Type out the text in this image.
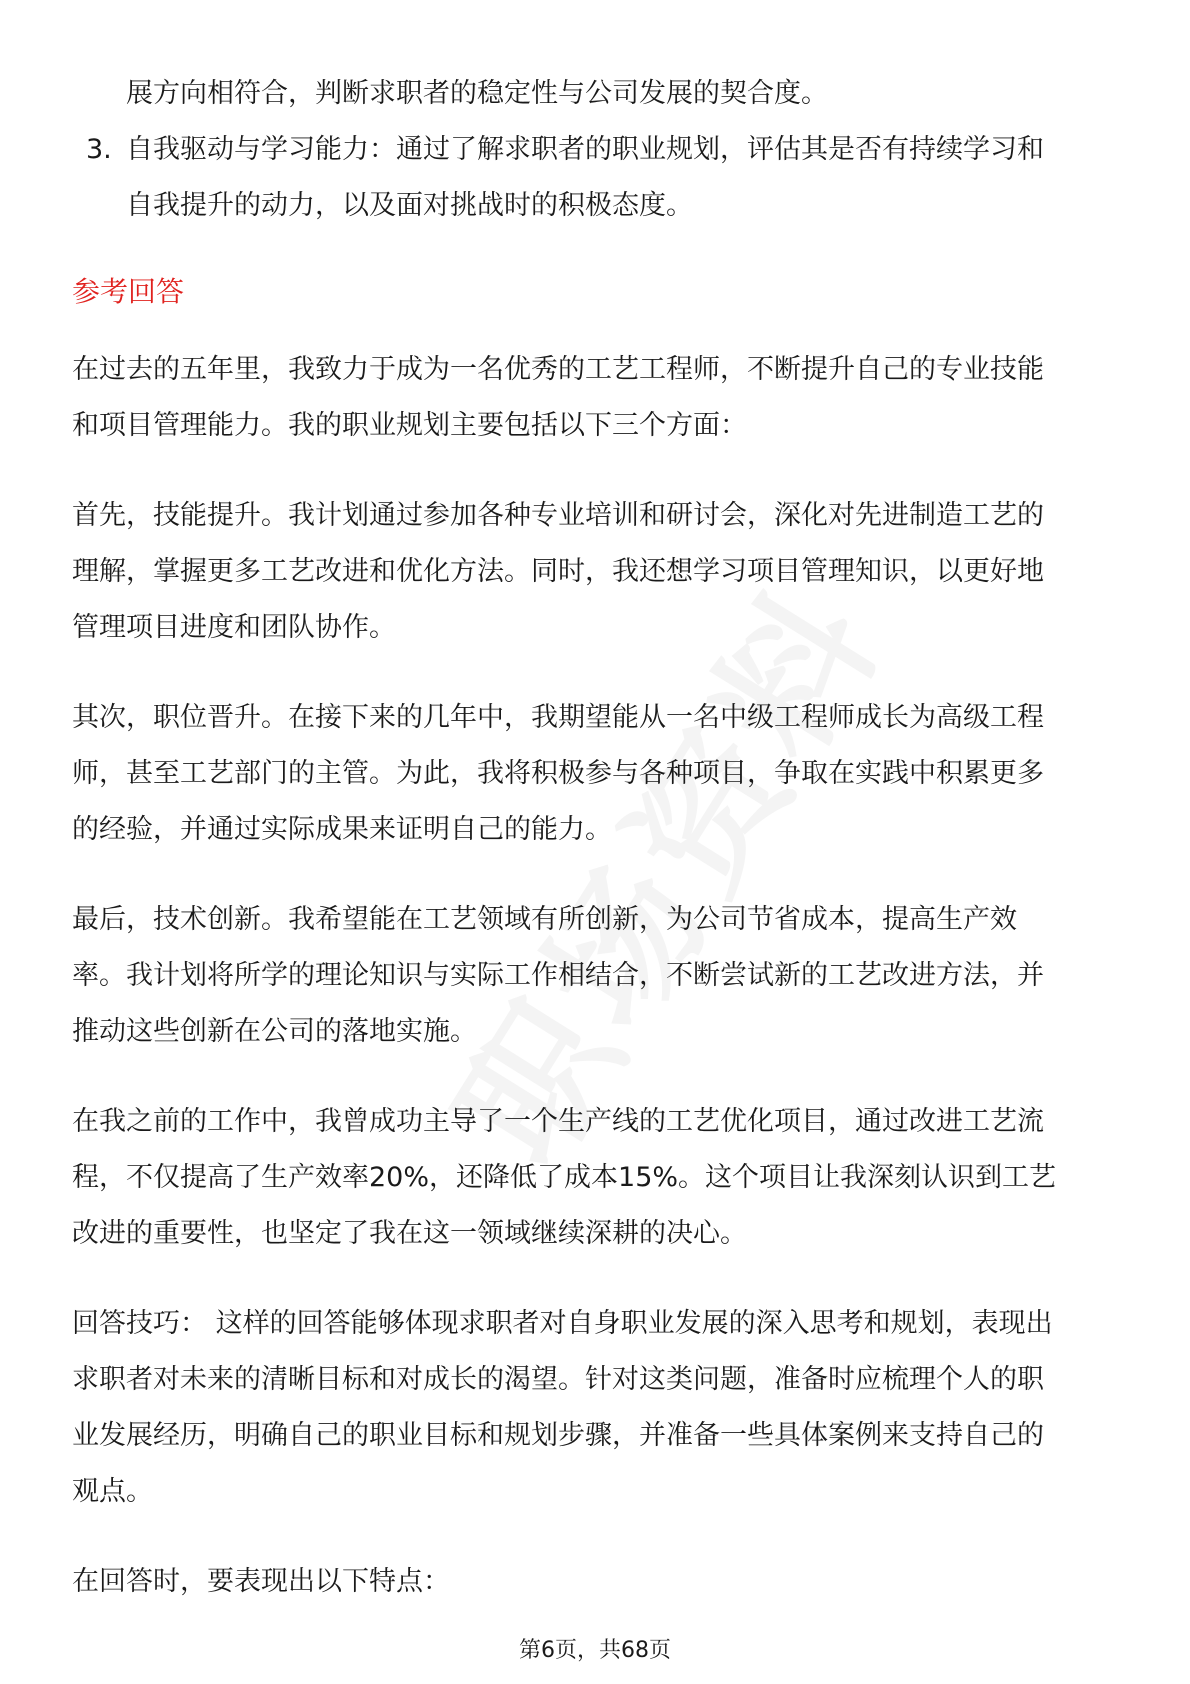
展方向相符合，判断求职者的稳定性与公司发展的契合度。
3. 自我驱动与学习能力：通过了解求职者的职业规划，评估其是否有持续学习和
自我提升的动力，以及面对挑战时的积极态度。
参考回答
在过去的五年里，我致力于成为一名优秀的工艺工程师，不断提升自己的专业技能
和项目管理能力。我的职业规划主要包括以下三个方面：
首先，技能提升。我计划通过参加各种专业培训和研讨会，深化对先进制造工艺的
理解，掌握更多工艺改进和优化方法。同时，我还想学习项目管理知识，以更好地
管理项目进度和团队协作。
其次，职位晋升。在接下来的几年中，我期望能从一名中级工程师成长为高级工程
师，甚至工艺部门的主管。为此，我将积极参与各种项目，争取在实践中积累更多
的经验，并通过实际成果来证明自己的能力。
最后，技术创新。我希望能在工艺领域有所创新，为公司节省成本，提高生产效
率。我计划将所学的理论知识与实际工作相结合，不断尝试新的工艺改进方法，并
推动这些创新在公司的落地实施。
在我之前的工作中，我曾成功主导了一个生产线的工艺优化项目，通过改进工艺流
程，不仅提高了生产效率20%，还降低了成本15%。这个项目让我深刻认识到工艺
改进的重要性，也坚定了我在这一领域继续深耕的决心。
回答技巧： 这样的回答能够体现求职者对自身职业发展的深入思考和规划，表现出
求职者对未来的清晰目标和对成长的渴望。针对这类问题，准备时应梳理个人的职
业发展经历，明确自己的职业目标和规划步骤，并准备一些具体案例来支持自己的
观点。
在回答时，要表现出以下特点：
第6页，共68页
